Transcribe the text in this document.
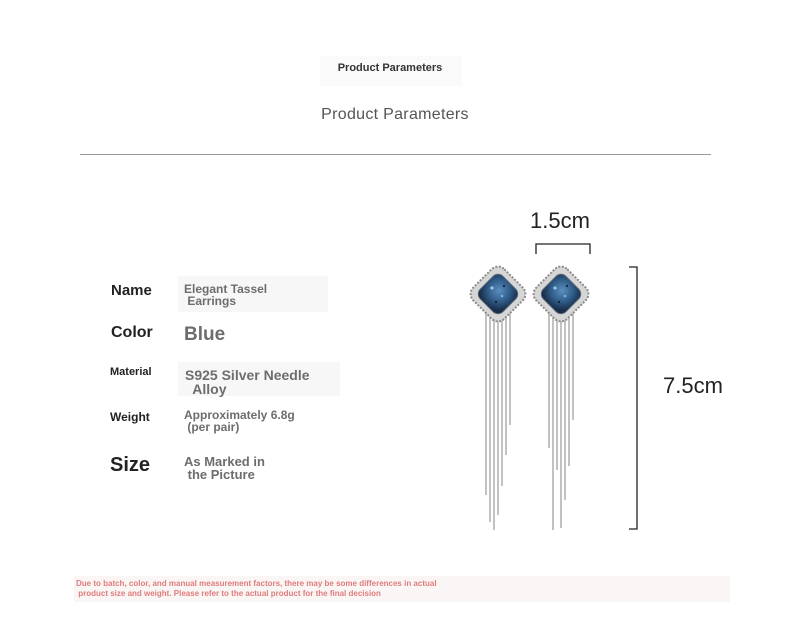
Product Parameters
Product Parameters
Name	Elegant Tassel
Earrings
Color Blue
Material S925 Silver Needle
Alloy
Weight	Approximately 6.8g
(per pair)
Size	As Marked in
the Picture
1.5cm
7.5cm
Due to batch, color, and manual measurement factors, there may be some differences in actual
product size and weight. Please refer to the actual product for the final decision
